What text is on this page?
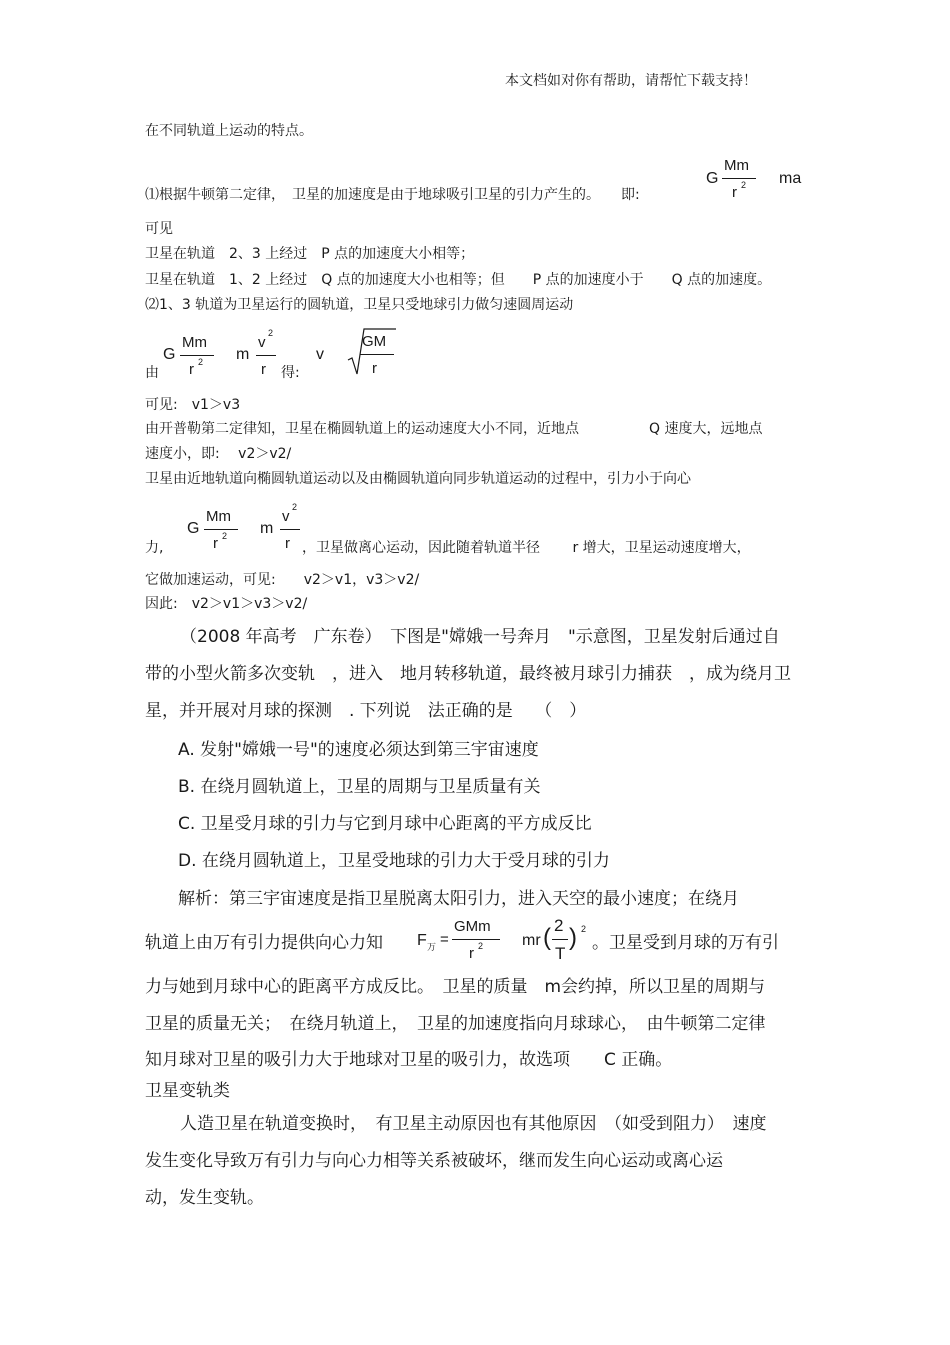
本文档如对你有帮助，请帮忙下载支持！
在不同轨道上运动的特点。
⑴根据牛顿第二定律，　卫星的加速度是由于地球吸引卫星的引力产生的。　　即:
G
Mm
r 2 ma
可见
卫星在轨道　2、3 上经过　P 点的加速度大小相等；
卫星在轨道　1、2 上经过　Q 点的加速度大小也相等；但　　P 点的加速度小于　　Q 点的加速度。
⑵1、3 轨道为卫星运行的圆轨道，卫星只受地球引力做匀速圆周运动
由
G
Mm
r 2 m
v
2
r 得:
v
GM
r
可见:　v1＞v3
由开普勒第二定律知，卫星在椭圆轨道上的运动速度大小不同，近地点　　　　　Q 速度大，远地点
速度小，即:　 v2＞v2/
卫星由近地轨道向椭圆轨道运动以及由椭圆轨道向同步轨道运动的过程中，引力小于向心
力,
G
Mm
r 2 m
v
2
r ，卫星做离心运动，因此随着轨道半径　　 r 增大，卫星运动速度增大，
它做加速运动，可见:　　v2＞v1，v3＞v2/
因此:　v2＞v1＞v3＞v2/
（2008 年高考　广东卷）　下图是"嫦娥一号奔月　"示意图，卫星发射后通过自
带的小型火箭多次变轨　，进入　地月转移轨道，最终被月球引力捕获　，成为绕月卫
星，并开展对月球的探测　. 下列说　法正确的是　 （　）
A. 发射"嫦娥一号"的速度必须达到第三宇宙速度
B. 在绕月圆轨道上，卫星的周期与卫星质量有关
C. 卫星受月球的引力与它到月球中心距离的平方成反比
D. 在绕月圆轨道上，卫星受地球的引力大于受月球的引力
解析：第三宇宙速度是指卫星脱离太阳引力，进入天空的最小速度；在绕月
轨道上由万有引力提供向心力知 F 万 =
GMm
r 2 mr ( 2
T
) 2
。卫星受到月球的万有引
力与她到月球中心的距离平方成反比。　卫星的质量　m会约掉，所以卫星的周期与
卫星的质量无关；　在绕月轨道上，　卫星的加速度指向月球球心，　由牛顿第二定律
知月球对卫星的吸引力大于地球对卫星的吸引力，故选项　　C 正确。
卫星变轨类
人造卫星在轨道变换时，　有卫星主动原因也有其他原因　（如受到阻力）　速度
发生变化导致万有引力与向心力相等关系被破坏，继而发生向心运动或离心运
动，发生变轨。
